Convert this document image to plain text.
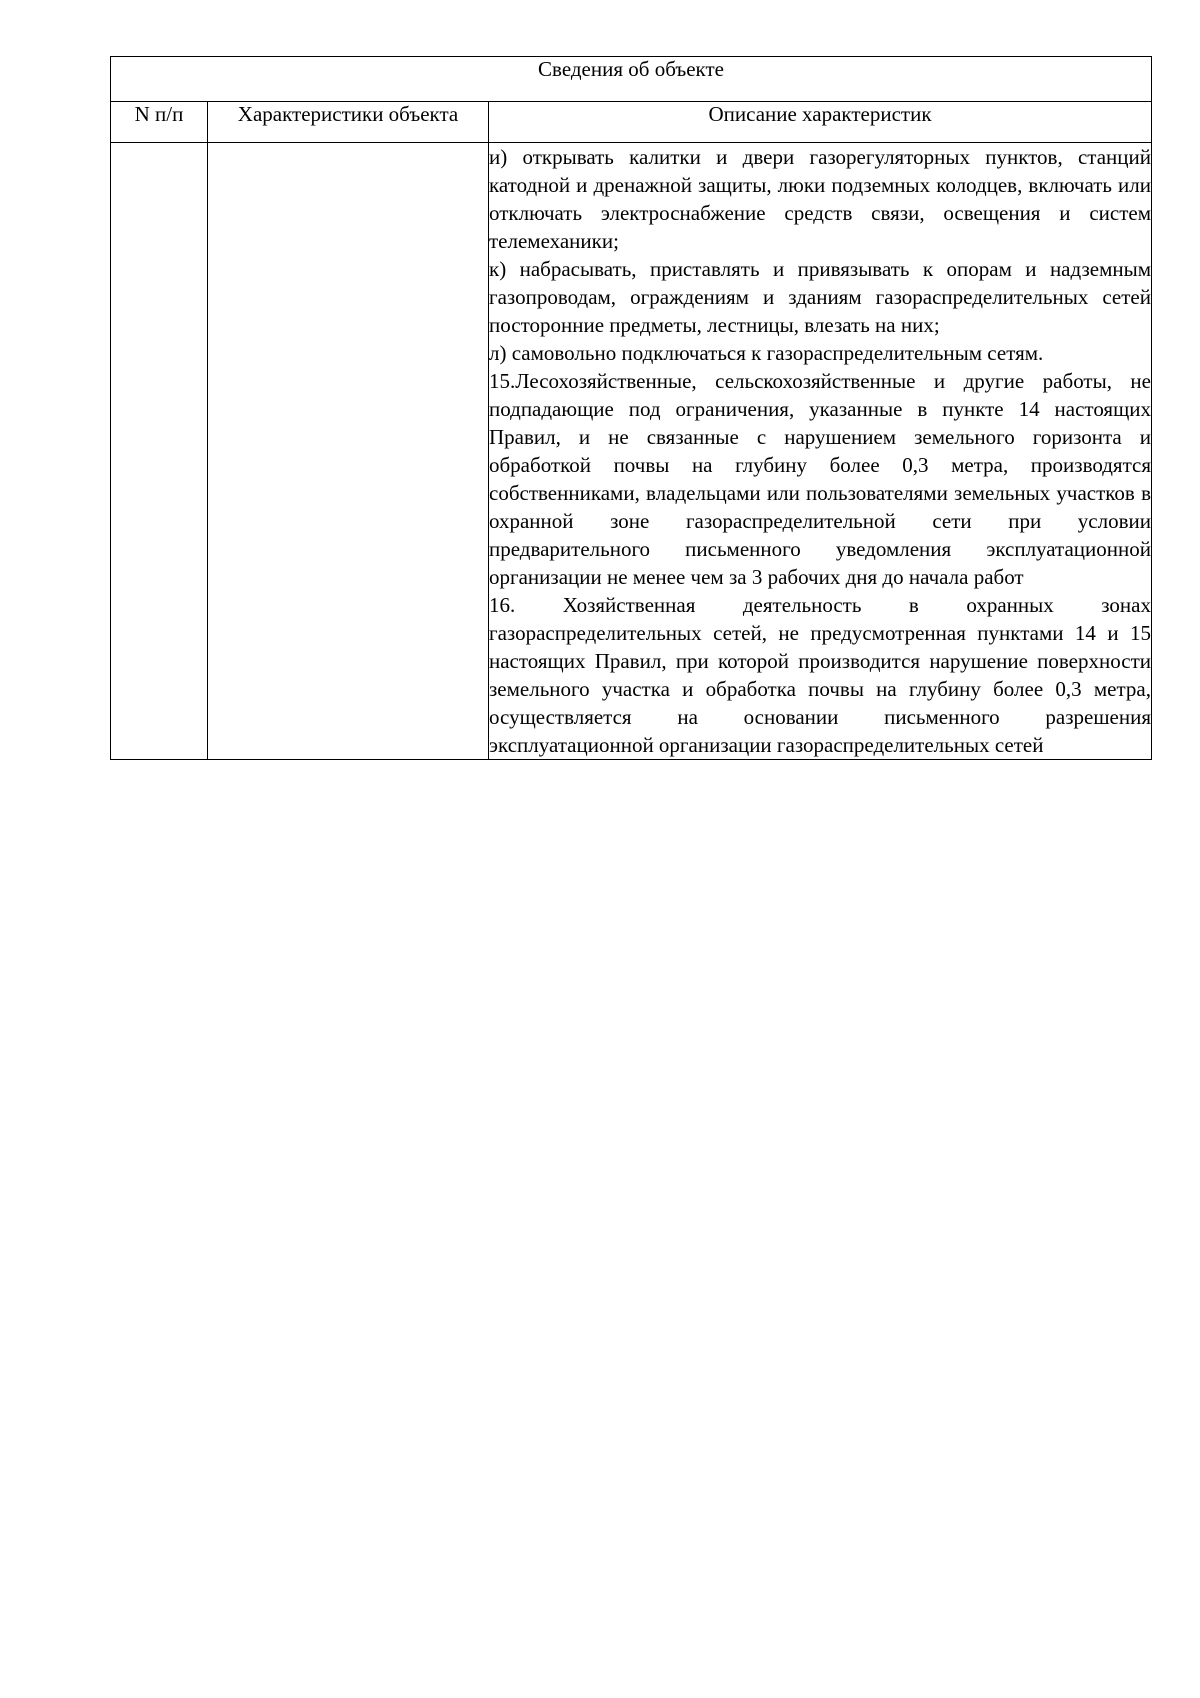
Сведения об объекте		
N п/п	Характеристики объекта	Описание характеристик

		и) открывать калитки и двери газорегуляторных пунктов, станций катодной и дренажной защиты, люки подземных колодцев, включать или отключать электроснабжение средств связи, освещения и систем телемеханики;

к) набрасывать, приставлять и привязывать к опорам и надземным газопроводам, ограждениям и зданиям газораспределительных сетей посторонние предметы, лестницы, влезать на них;

л) самовольно подключаться к газораспределительным сетям.

15.Лесохозяйственные, сельскохозяйственные и другие работы, не подпадающие под ограничения, указанные в пункте 14 настоящих Правил, и не связанные с нарушением земельного горизонта и обработкой почвы на глубину более 0,3 метра, производятся собственниками, владельцами или пользователями земельных участков в охранной зоне газораспределительной сети при условии предварительного письменного уведомления эксплуатационной организации не менее чем за 3 рабочих дня до начала работ

16. Хозяйственная деятельность в охранных зонах газораспределительных сетей, не предусмотренная пунктами 14 и 15 настоящих Правил, при которой производится нарушение поверхности земельного участка и обработка почвы на глубину более 0,3 метра, осуществляется на основании письменного разрешения эксплуатационной организации газораспределительных сетей
